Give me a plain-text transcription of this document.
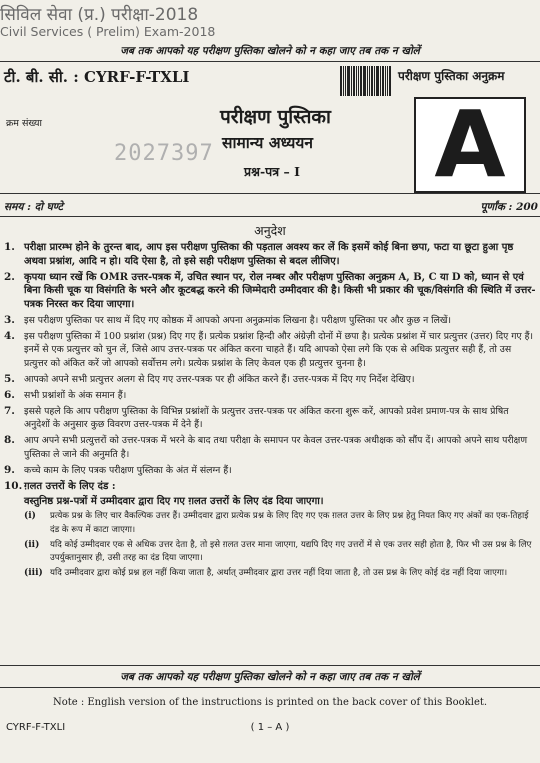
सिविल सेवा (प्र.) परीक्षा-2018
Civil Services ( Prelim) Exam-2018
जब तक आपको यह परीक्षण पुस्तिका खोलने को न कहा जाए तब तक न खोलें
टी. बी. सी. : CYRF-F-TXLI	परीक्षण पुस्तिका अनुक्रम
क्रम संख्या
2027397
परीक्षण पुस्तिका
सामान्य अध्ययन
प्रश्न-पत्र – I A
समय : दो घण्टे	पूर्णांक : 200
अनुदेश
1. परीक्षा प्रारम्भ होने के तुरन्त बाद, आप इस परीक्षण पुस्तिका की पड़ताल अवश्य कर लें कि इसमें कोई बिना छपा, फटा या छूटा हुआ पृष्ठ अथवा प्रश्नांश, आदि न हो। यदि ऐसा है, तो इसे सही परीक्षण पुस्तिका से बदल लीजिए।
2. कृपया ध्यान रखें कि OMR उत्तर-पत्रक में, उचित स्थान पर, रोल नम्बर और परीक्षण पुस्तिका अनुक्रम A, B, C या D को, ध्यान से एवं बिना किसी चूक या विसंगति के भरने और कूटबद्ध करने की जिम्मेदारी उम्मीदवार की है। किसी भी प्रकार की चूक/विसंगति की स्थिति में उत्तर-पत्रक निरस्त कर दिया जाएगा।
3. इस परीक्षण पुस्तिका पर साथ में दिए गए कोष्ठक में आपको अपना अनुक्रमांक लिखना है। परीक्षण पुस्तिका पर और कुछ न लिखें।
4. इस परीक्षण पुस्तिका में 100 प्रश्नांश (प्रश्न) दिए गए हैं। प्रत्येक प्रश्नांश हिन्दी और अंग्रेज़ी दोनों में छपा है। प्रत्येक प्रश्नांश में चार प्रत्युत्तर (उत्तर) दिए गए हैं। इनमें से एक प्रत्युत्तर को चुन लें, जिसे आप उत्तर-पत्रक पर अंकित करना चाहते हैं। यदि आपको ऐसा लगे कि एक से अधिक प्रत्युत्तर सही हैं, तो उस प्रत्युत्तर को अंकित करें जो आपको सर्वोत्तम लगे। प्रत्येक प्रश्नांश के लिए केवल एक ही प्रत्युत्तर चुनना है।
5. आपको अपने सभी प्रत्युत्तर अलग से दिए गए उत्तर-पत्रक पर ही अंकित करने हैं। उत्तर-पत्रक में दिए गए निर्देश देखिए।
6. सभी प्रश्नांशों के अंक समान हैं।
7. इससे पहले कि आप परीक्षण पुस्तिका के विभिन्न प्रश्नांशों के प्रत्युत्तर उत्तर-पत्रक पर अंकित करना शुरू करें, आपको प्रवेश प्रमाण-पत्र के साथ प्रेषित अनुदेशों के अनुसार कुछ विवरण उत्तर-पत्रक में देने हैं।
8. आप अपने सभी प्रत्युत्तरों को उत्तर-पत्रक में भरने के बाद तथा परीक्षा के समापन पर केवल उत्तर-पत्रक अधीक्षक को सौंप दें। आपको अपने साथ परीक्षण पुस्तिका ले जाने की अनुमति है।
9. कच्चे काम के लिए पत्रक परीक्षण पुस्तिका के अंत में संलग्न हैं।
10. ग़लत उत्तरों के लिए दंड :
वस्तुनिष्ठ प्रश्न-पत्रों में उम्मीदवार द्वारा दिए गए ग़लत उत्तरों के लिए दंड दिया जाएगा।
(i)	प्रत्येक प्रश्न के लिए चार वैकल्पिक उत्तर हैं। उम्मीदवार द्वारा प्रत्येक प्रश्न के लिए दिए गए एक ग़लत उत्तर के लिए प्रश्न हेतु नियत किए गए अंकों का एक-तिहाई दंड के रूप में काटा जाएगा।
(ii)	यदि कोई उम्मीदवार एक से अधिक उत्तर देता है, तो इसे ग़लत उत्तर माना जाएगा, यद्यपि दिए गए उत्तरों में से एक उत्तर सही होता है, फिर भी उस प्रश्न के लिए उपर्युक्तानुसार ही, उसी तरह का दंड दिया जाएगा।
(iii) यदि उम्मीदवार द्वारा कोई प्रश्न हल नहीं किया जाता है, अर्थात् उम्मीदवार द्वारा उत्तर नहीं दिया जाता है, तो उस प्रश्न के लिए कोई दंड नहीं दिया जाएगा।
जब तक आपको यह परीक्षण पुस्तिका खोलने को न कहा जाए तब तक न खोलें
Note : English version of the instructions is printed on the back cover of this Booklet.
CYRF-F-TXLI	( 1 – A )
